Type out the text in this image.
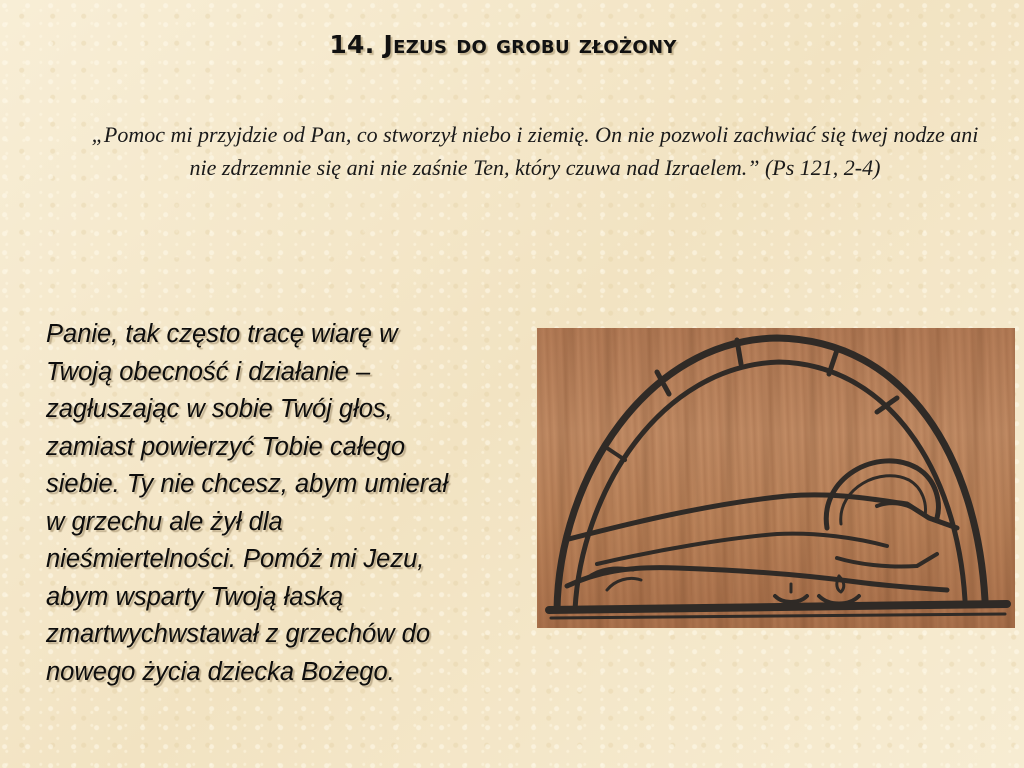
14. Jezus do grobu złożony

„Pomoc mi przyjdzie od Pan, co stworzył niebo i ziemię. On nie pozwoli zachwiać się twej nodze ani nie zdrzemnie się ani nie zaśnie Ten, który czuwa nad Izraelem.” (Ps 121, 2-4)

Panie, tak często tracę wiarę w
Twoją obecność i działanie –
zagłuszając w sobie Twój głos,
zamiast powierzyć Tobie całego
siebie. Ty nie chcesz, abym umierał
w grzechu ale żył dla
nieśmiertelności. Pomóż mi Jezu,
abym wsparty Twoją łaską
zmartwychwstawał z grzechów do
nowego życia dziecka Bożego.
